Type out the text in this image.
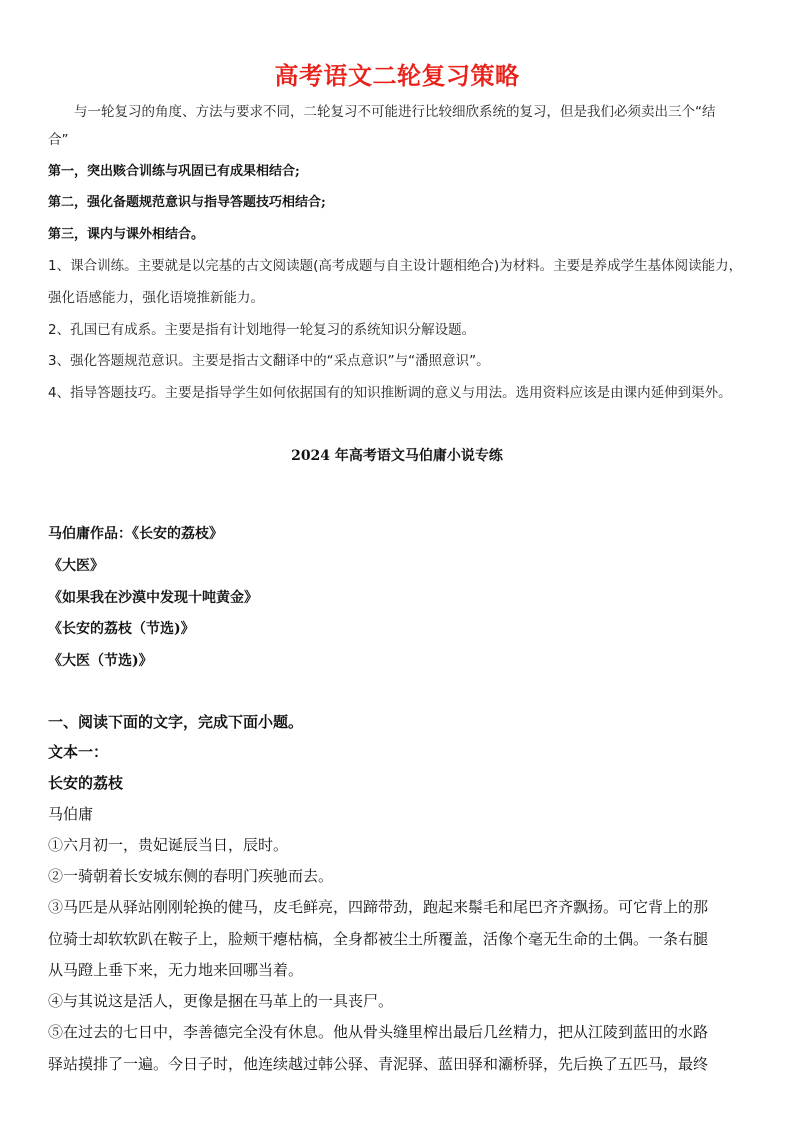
高考语文二轮复习策略
与一轮复习的角度、方法与要求不同，二轮复习不可能进行比较细欣系统的复习，但是我们必须卖出三个“结
合”
第一，突出赅合训练与巩固已有成果相结合;
第二，强化备题规范意识与指导答题技巧相结合;
第三，课内与课外相结合。
1、课合训练。主要就是以完基的古文阅读题(高考成题与自主设计题相绝合)为材料。主要是养成学生基体阅读能力，
强化语感能力，强化语境推新能力。
2、孔国已有成系。主要是指有计划地得一轮复习的系统知识分解设题。
3、强化答题规范意识。主要是指古文翻译中的“采点意识”与“潘照意识”。
4、指导答题技巧。主要是指导学生如何依据国有的知识推断调的意义与用法。选用资料应该是由课内延伸到渠外。
2024 年高考语文马伯庸小说专练
马伯庸作品：《长安的荔枝》
《大医》
《如果我在沙漠中发现十吨黄金》
《长安的荔枝（节选)》
《大医（节选)》
一、阅读下面的文字，完成下面小题。
文本一：
长安的荔枝
马伯庸
①六月初一，贵妃诞辰当日，辰时。
②一骑朝着长安城东侧的春明门疾驰而去。
③马匹是从驿站刚刚轮换的健马，皮毛鲜亮，四蹄带劲，跑起来鬃毛和尾巴齐齐飘扬。可它背上的那
位骑士却软软趴在鞍子上，脸颊干瘪枯槁，全身都被尘土所覆盖，活像个毫无生命的土偶。一条右腿
从马蹬上垂下来，无力地来回哪当着。
④与其说这是活人，更像是捆在马革上的一具丧尸。
⑤在过去的七日中，李善德完全没有休息。他从骨头缝里榨出最后几丝精力，把从江陵到蓝田的水路
驿站摸排了一遍。今日子时，他连续越过韩公驿、青泥驿、蓝田驿和灞桥驿，先后换了五匹马，最终
